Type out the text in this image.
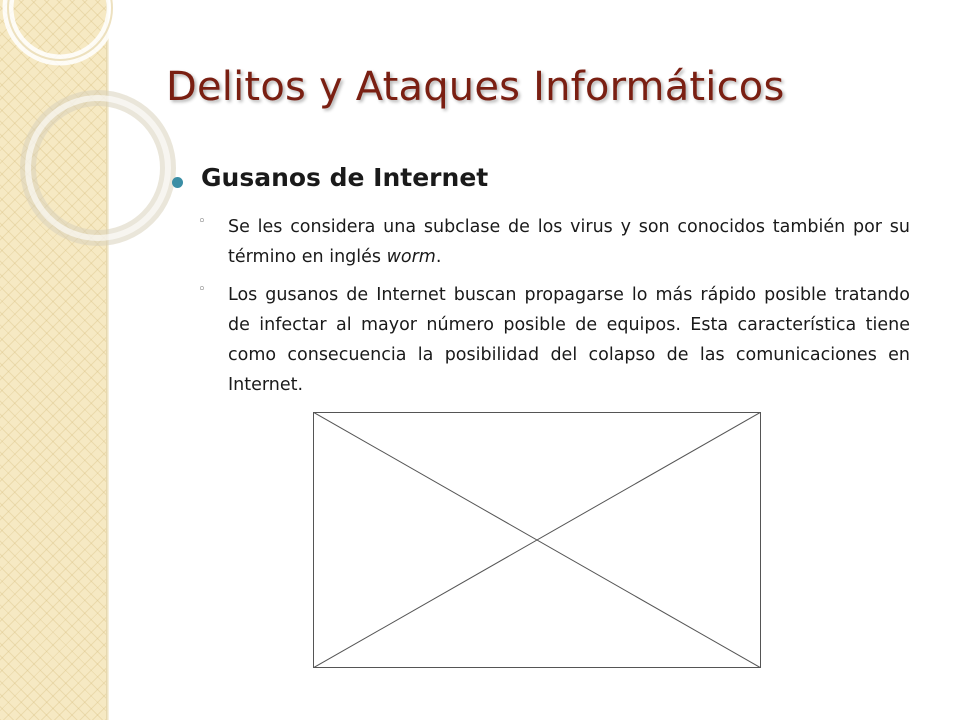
Delitos y Ataques Informáticos
Gusanos de Internet
◦ Se les considera una subclase de los virus y son conocidos también por su término en inglés worm.
◦ Los gusanos de Internet buscan propagarse lo más rápido posible tratando de infectar al mayor número posible de equipos. Esta característica tiene como consecuencia la posibilidad del colapso de las comunicaciones en Internet.
